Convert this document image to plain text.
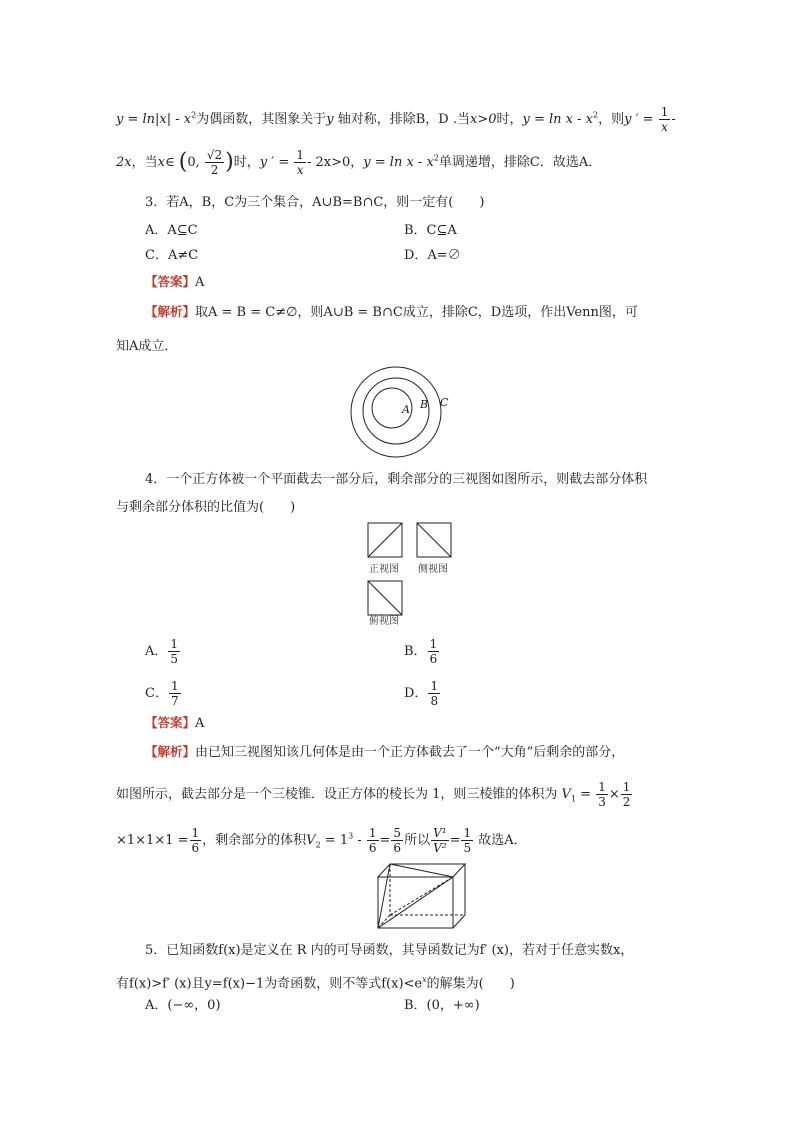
$y = \ln|x| - x^2$为偶函数，其图象关于y 轴对称，排除B，D .当x>0时，$y = \ln x - x^2$，则y ′ = $\frac{1}{x}$ -
2x，当x∈ (0, $\frac{√2}{2}$ )时，y ′ = $\frac{1}{x} - 2x>0$，$y = \ln x - x^2$单调递增，排除C．故选A．
3．若A，B，C为三个集合，A∪B=B∩C，则一定有(　　)
A．A⊆C	B．C⊆A
C．A≠C	D．A=∅
【答案】A
【解析】取A = B = C≠∅，则A∪B = B∩C成立，排除C，D选项，作出Venn图，可
知A成立．
A B C
4．一个正方体被一个平面截去一部分后，剩余部分的三视图如图所示，则截去部分体积
与剩余部分体积的比值为(　　)
正视图 侧视图
俯视图
A． $\frac{1}{5}$	B． $\frac{1}{6}$
C． $\frac{1}{7}$	D． $\frac{1}{8}$
【答案】A
【解析】由已知三视图知该几何体是由一个正方体截去了一个“大角”后剩余的部分，
如图所示，截去部分是一个三棱锥．设正方体的棱长为 1，则三棱锥的体积为 $V_1 = \frac{1}{3} \times \frac{1}{2}$
$\times 1\times 1\times 1 = \frac{1}{6}$ ，剩余部分的体积$V_2 = 1^3 - \frac{1}{6} = \frac{5}{6}$ 所以 $\frac{\text{V¹}}{\text{V²}} = \frac{1}{5}$ 故选A．
5．已知函数f(x)是定义在 R 内的可导函数，其导函数记为f′ (x)，若对于任意实数x，
有f(x)>f′ (x)且y=f(x)−1为奇函数，则不等式$f(x)<e^x$的解集为(　　)
A．(−∞，0)	B．(0，+∞)
